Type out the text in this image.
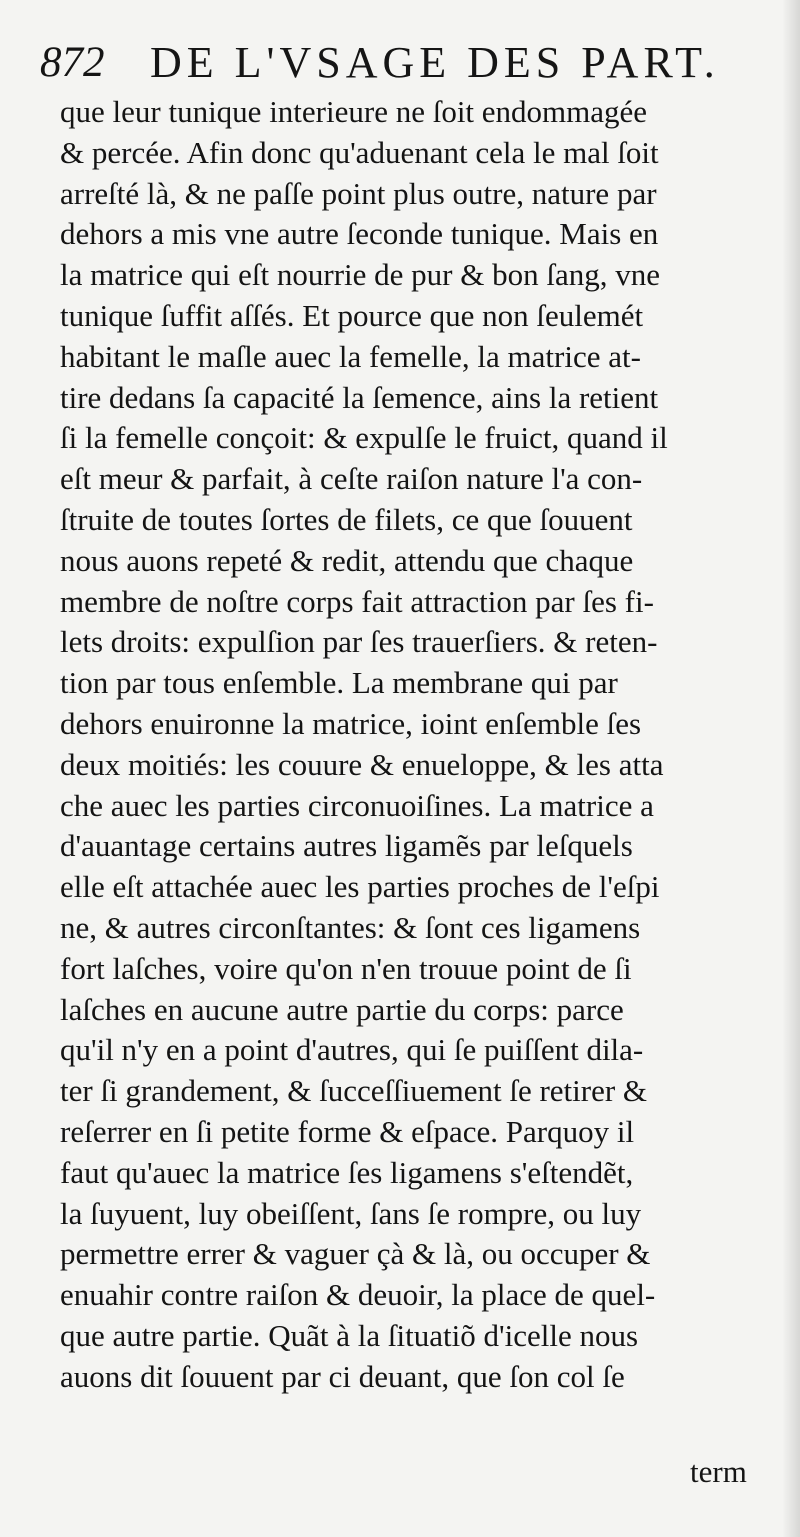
872 DE L'VSAGE DES PART.
que leur tunique interieure ne ſoit endommagée
& percée. Afin donc qu'aduenant cela le mal ſoit
arreſté là, & ne paſſe point plus outre, nature par
dehors a mis vne autre ſeconde tunique. Mais en
la matrice qui eſt nourrie de pur & bon ſang, vne
tunique ſuffit aſſés. Et pource que non ſeulemét
habitant le maſle auec la femelle, la matrice at-
tire dedans ſa capacité la ſemence, ains la retient
ſi la femelle conçoit: & expulſe le fruict, quand il
eſt meur & parfait, à ceſte raiſon nature l'a con-
ſtruite de toutes ſortes de filets, ce que ſouuent
nous auons repeté & redit, attendu que chaque
membre de noſtre corps fait attraction par ſes fi-
lets droits: expulſion par ſes trauerſiers. & reten-
tion par tous enſemble. La membrane qui par
dehors enuironne la matrice, ioint enſemble ſes
deux moitiés: les couure & enueloppe, & les atta
che auec les parties circonuoiſines. La matrice a
d'auantage certains autres ligamẽs par leſquels
elle eſt attachée auec les parties proches de l'eſpi
ne, & autres circonſtantes: & ſont ces ligamens
fort laſches, voire qu'on n'en trouue point de ſi
laſches en aucune autre partie du corps: parce
qu'il n'y en a point d'autres, qui ſe puiſſent dila-
ter ſi grandement, & ſucceſſiuement ſe retirer &
reſerrer en ſi petite forme & eſpace. Parquoy il
faut qu'auec la matrice ſes ligamens s'eſtendẽt,
la ſuyuent, luy obeiſſent, ſans ſe rompre, ou luy
permettre errer & vaguer çà & là, ou occuper &
enuahir contre raiſon & deuoir, la place de quel-
que autre partie. Quãt à la ſituatiõ d'icelle nous
auons dit ſouuent par ci deuant, que ſon col ſe
term
